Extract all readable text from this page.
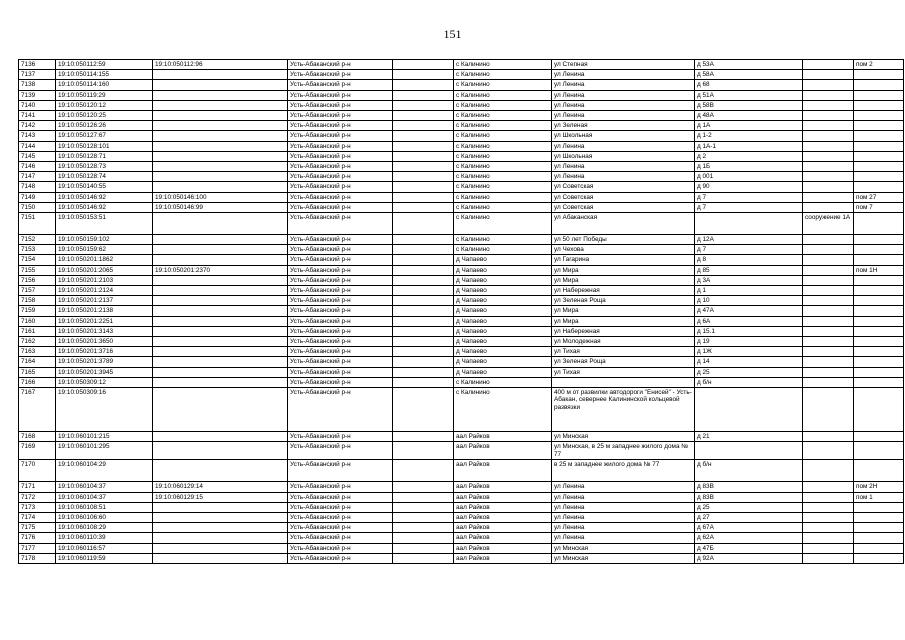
151
7136	19:10:050112:59	19:10:050112:96	Усть-Абаканский р-н		с Калинино	ул Степная	д 53А		пом 2
7137	19:10:050114:155		Усть-Абаканский р-н		с Калинино	ул Ленина	д 58А		
7138	19:10:050114:160		Усть-Абаканский р-н		с Калинино	ул Ленина	д 68		
7139	19:10:050119:29		Усть-Абаканский р-н		с Калинино	ул Ленина	д 51А		
7140	19:10:050120:12		Усть-Абаканский р-н		с Калинино	ул Ленина	д 58В		
7141	19:10:050120:25		Усть-Абаканский р-н		с Калинино	ул Ленина	д 48А		
7142	19:10:050126:26		Усть-Абаканский р-н		с Калинино	ул Зеленая	д 1А		
7143	19:10:050127:67		Усть-Абаканский р-н		с Калинино	ул Школьная	д 1-2		
7144	19:10:050128:101		Усть-Абаканский р-н		с Калинино	ул Ленина	д 1А-1		
7145	19:10:050128:71		Усть-Абаканский р-н		с Калинино	ул Школьная	д 2		
7146	19:10:050128:73		Усть-Абаканский р-н		с Калинино	ул Ленина	д 1Б		
7147	19:10:050128:74		Усть-Абаканский р-н		с Калинино	ул Ленина	д 001		
7148	19:10:050140:55		Усть-Абаканский р-н		с Калинино	ул Советская	д 90		
7149	19:10:050146:92	19:10:050146:100	Усть-Абаканский р-н		с Калинино	ул Советская	д 7		пом 27
7150	19:10:050146:92	19:10:050146:99	Усть-Абаканский р-н		с Калинино	ул Советская	д 7		пом 7
7151	19:10:050153:51		Усть-Абаканский р-н		с Калинино	ул Абаканская		сооружение 1А	
7152	19:10:050159:102		Усть-Абаканский р-н		с Калинино	ул 50 лет Победы	д 12А		
7153	19:10:050159:62		Усть-Абаканский р-н		с Калинино	ул Чехова	д 7		
7154	19:10:050201:1862		Усть-Абаканский р-н		д Чапаево	ул Гагарина	д 8		
7155	19:10:050201:2065	19:10:050201:2370	Усть-Абаканский р-н		д Чапаево	ул Мира	д 85		пом 1Н
7156	19:10:050201:2103		Усть-Абаканский р-н		д Чапаево	ул Мира	д 3А		
7157	19:10:050201:2124		Усть-Абаканский р-н		д Чапаево	ул Набережная	д 1		
7158	19:10:050201:2137		Усть-Абаканский р-н		д Чапаево	ул Зеленая Роща	д 10		
7159	19:10:050201:2138		Усть-Абаканский р-н		д Чапаево	ул Мира	д 47А		
7160	19:10:050201:2251		Усть-Абаканский р-н		д Чапаево	ул Мира	д 6А		
7161	19:10:050201:3143		Усть-Абаканский р-н		д Чапаево	ул Набережная	д 15.1		
7162	19:10:050201:3650		Усть-Абаканский р-н		д Чапаево	ул Молодежная	д 19		
7163	19:10:050201:3716		Усть-Абаканский р-н		д Чапаево	ул Тихая	д 1Ж		
7164	19:10:050201:3789		Усть-Абаканский р-н		д Чапаево	ул Зеленая Роща	д 14		
7165	19:10:050201:3945		Усть-Абаканский р-н		д Чапаево	ул Тихая	д 25		
7166	19:10:050309:12		Усть-Абаканский р-н		с Калинино		д б/н		
7167	19:10:050309:16		Усть-Абаканский р-н		с Калинино	400 м от развилки автодороги "Енисей" - Усть-Абакан, севернее Калининской кольцевой развязки			
7168	19:10:060101:215		Усть-Абаканский р-н		аал Райков	ул Минская	д 21		
7169	19:10:060101:295		Усть-Абаканский р-н		аал Райков	ул Минская, в 25 м западнее жилого дома № 77			
7170	19:10:060104:29		Усть-Абаканский р-н		аал Райков	в 25 м западнее жилого дома № 77	д б/н		
7171	19:10:060104:37	19:10:060129:14	Усть-Абаканский р-н		аал Райков	ул Ленина	д 83В		пом 2Н
7172	19:10:060104:37	19:10:060129:15	Усть-Абаканский р-н		аал Райков	ул Ленина	д 83В		пом 1
7173	19:10:060108:51		Усть-Абаканский р-н		аал Райков	ул Ленина	д 25		
7174	19:10:060106:60		Усть-Абаканский р-н		аал Райков	ул Ленина	д 27		
7175	19:10:060108:29		Усть-Абаканский р-н		аал Райков	ул Ленина	д 67А		
7176	19:10:060110:39		Усть-Абаканский р-н		аал Райков	ул Ленина	д 62А		
7177	19:10:060116:57		Усть-Абаканский р-н		аал Райков	ул Минская	д 47Б		
7178	19:10:060119:59		Усть-Абаканский р-н		аал Райков	ул Минская	д 92А		
